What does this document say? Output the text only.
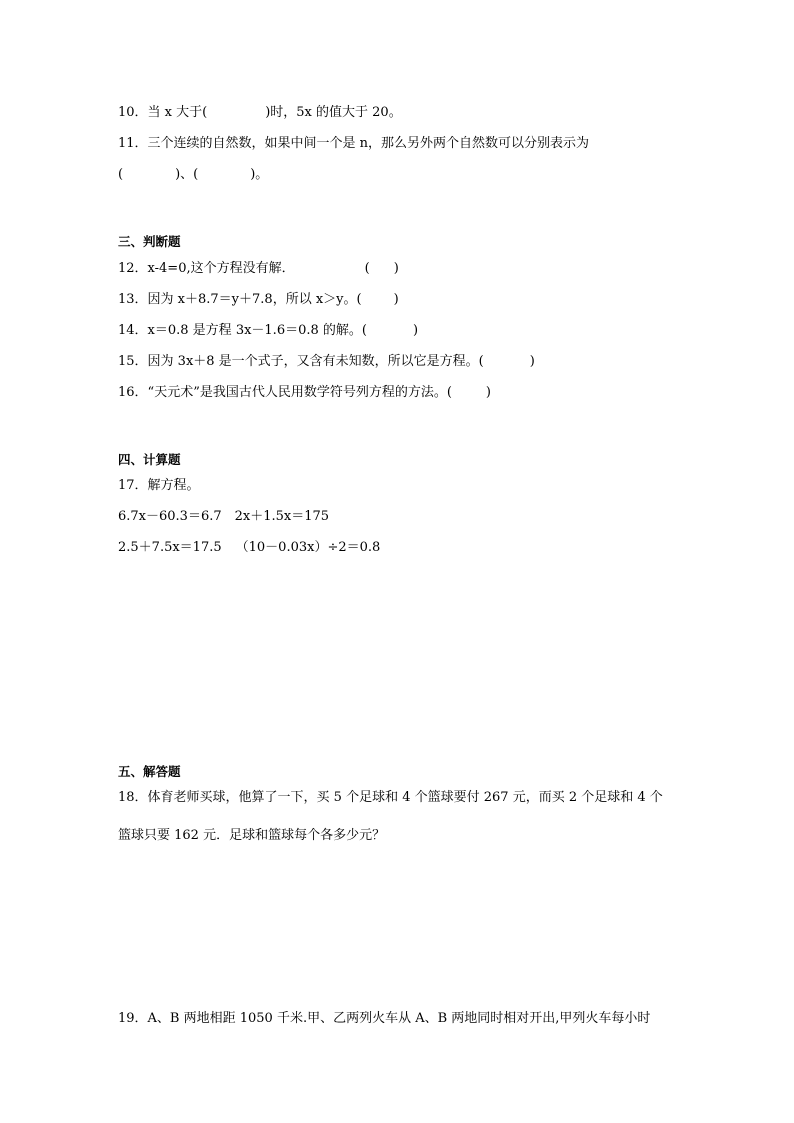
10．当 x 大于(	)时，5x 的值大于 20。
11．三个连续的自然数，如果中间一个是 n，那么另外两个自然数可以分别表示为
(	)、(	)。
三、判断题
12．x-4=0,这个方程没有解．	( )
13．因为 x＋8.7＝y＋7.8，所以 x＞y。( )
14．x＝0.8 是方程 3x－1.6＝0.8 的解。(	)
15．因为 3x＋8 是一个式子，又含有未知数，所以它是方程。(	)
16．“天元术”是我国古代人民用数学符号列方程的方法。(	)
四、计算题
17．解方程。
6.7x－60.3＝6.7 2x＋1.5x＝175
2.5＋7.5x＝17.5 （10－0.03x）÷2＝0.8
五、解答题
18．体育老师买球，他算了一下，买 5 个足球和 4 个篮球要付 267 元，而买 2 个足球和 4 个
篮球只要 162 元．足球和篮球每个各多少元？
19．A、B 两地相距 1050 千米.甲、乙两列火车从 A、B 两地同时相对开出,甲列火车每小时
